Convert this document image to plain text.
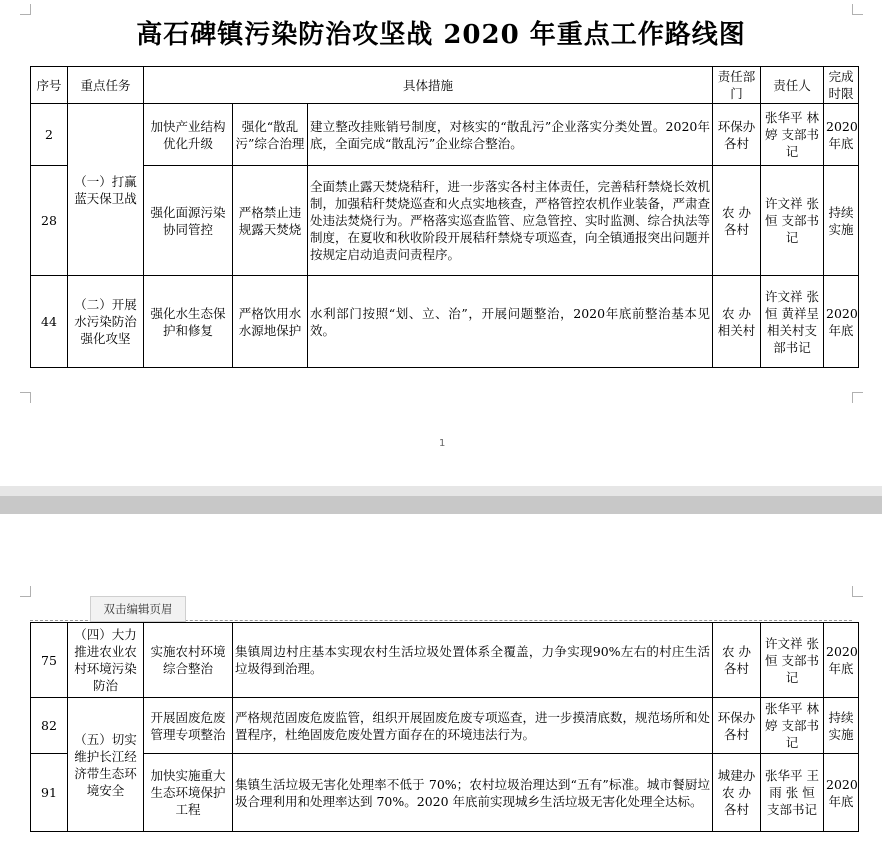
高石碑镇污染防治攻坚战 2020 年重点工作路线图
序号	重点任务	具体措施			责任部门	责任人	完成时限
2	（一）打赢蓝天保卫战	加快产业结构优化升级	强化“散乱污”综合治理	建立整改挂账销号制度，对核实的“散乱污”企业落实分类处置。2020年底，全面完成“散乱污”企业综合整治。	环保办各村	张华平 林 婷 支部书记	2020年底
28		强化面源污染协同管控	严格禁止违规露天焚烧	全面禁止露天焚烧秸秆，进一步落实各村主体责任，完善秸秆禁烧长效机制，加强秸秆焚烧巡查和火点实地核查，严格管控农机作业装备，严肃查处违法焚烧行为。严格落实巡查监管、应急管控、实时监测、综合执法等制度，在夏收和秋收阶段开展秸秆禁烧专项巡查，向全镇通报突出问题并按规定启动追责问责程序。	农 办 各村	许文祥 张 恒 支部书记	持续实施
44	（二）开展水污染防治强化攻坚	强化水生态保护和修复	严格饮用水水源地保护	水利部门按照“划、立、治”，开展问题整治，2020年底前整治基本见效。	农 办 相关村	许文祥 张 恒 黄祥呈 相关村支部书记	2020年底
1
双击编辑页眉
75	（四）大力推进农业农村环境污染防治	实施农村环境综合整治	集镇周边村庄基本实现农村生活垃圾处置体系全覆盖，力争实现90%左右的村庄生活垃圾得到治理。	农 办 各村	许文祥 张 恒 支部书记	2020年底
82	（五）切实维护长江经济带生态环境安全	开展固废危废管理专项整治	严格规范固废危废监管，组织开展固废危废专项巡查，进一步摸清底数，规范场所和处置程序，杜绝固废危废处置方面存在的环境违法行为。	环保办各村	张华平 林 婷 支部书记	持续实施
91		加快实施重大生态环境保护工程	集镇生活垃圾无害化处理率不低于 70%；农村垃圾治理达到“五有”标准。城市餐厨垃圾合理利用和处理率达到 70%。2020 年底前实现城乡生活垃圾无害化处理全达标。	城建办 农 办 各村	张华平 王 雨 张 恒 支部书记	2020年底
